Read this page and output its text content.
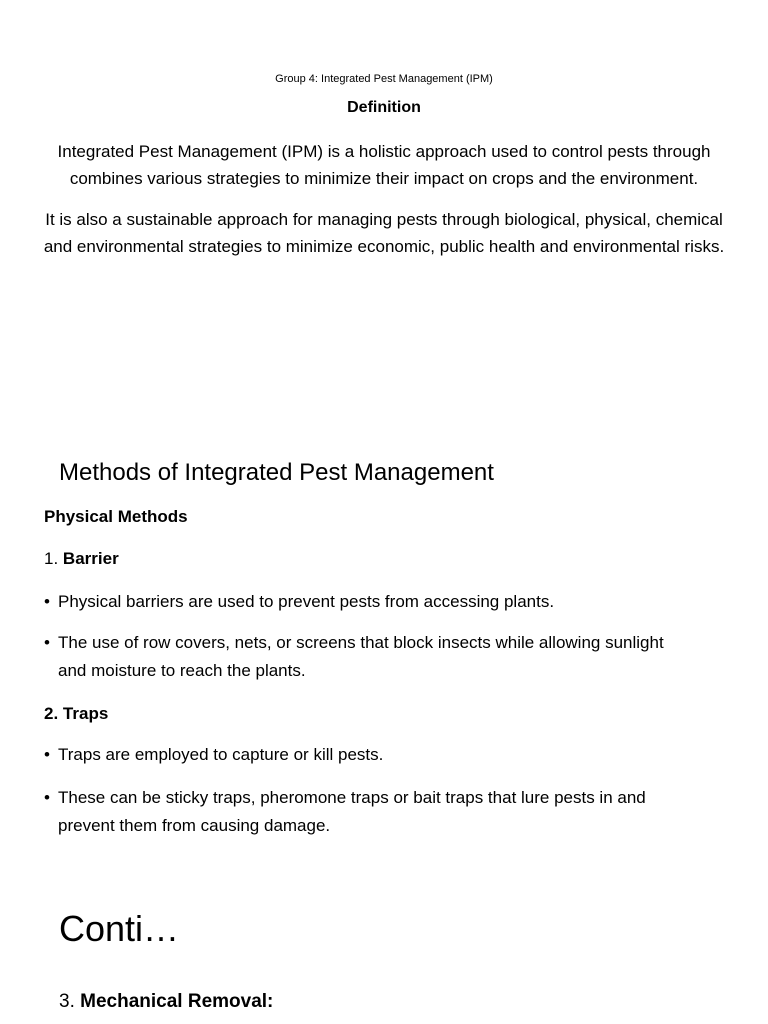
Group 4: Integrated Pest Management (IPM)
Definition
Integrated Pest Management (IPM) is a holistic approach used to control pests through combines various strategies to minimize their impact on crops and the environment.
It is also a sustainable approach for managing pests through biological, physical, chemical and environmental strategies to minimize economic, public health and environmental risks.
Methods of Integrated Pest Management
Physical Methods
1. Barrier
• Physical barriers are used to prevent pests from accessing plants.
• The use of row covers, nets, or screens that block insects while allowing sunlight and moisture to reach the plants.
2. Traps
• Traps are employed to capture or kill pests.
• These can be sticky traps, pheromone traps or bait traps that lure pests in and prevent them from causing damage.
Conti…
3. Mechanical Removal:
